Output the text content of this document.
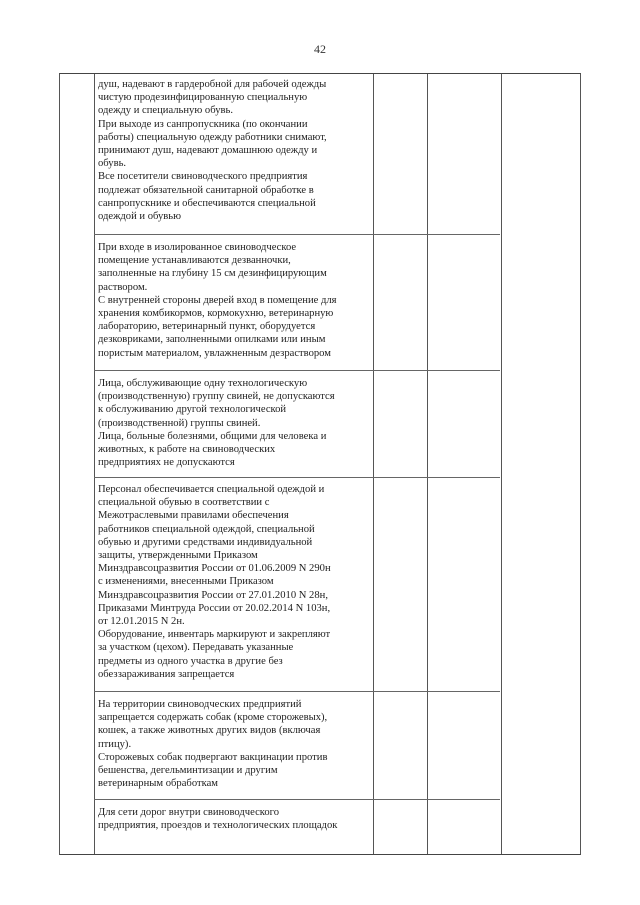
42
душ, надевают в гардеробной для рабочей одежды
чистую продезинфицированную специальную
одежду и специальную обувь.
При выходе из санпропускника (по окончании
работы) специальную одежду работники снимают,
принимают душ, надевают домашнюю одежду и
обувь.
Все посетители свиноводческого предприятия
подлежат обязательной санитарной обработке в
санпропускнике и обеспечиваются специальной
одеждой и обувью
При входе в изолированное свиноводческое
помещение устанавливаются дезванночки,
заполненные на глубину 15 см дезинфицирующим
раствором.
С внутренней стороны дверей вход в помещение для
хранения комбикормов, кормокухню, ветеринарную
лабораторию, ветеринарный пункт, оборудуется
дезковриками, заполненными опилками или иным
пористым материалом, увлажненным дезраствором
Лица, обслуживающие одну технологическую
(производственную) группу свиней, не допускаются
к обслуживанию другой технологической
(производственной) группы свиней.
Лица, больные болезнями, общими для человека и
животных, к работе на свиноводческих
предприятиях не допускаются
Персонал обеспечивается специальной одеждой и
специальной обувью в соответствии с
Межотраслевыми правилами обеспечения
работников специальной одеждой, специальной
обувью и другими средствами индивидуальной
защиты, утвержденными Приказом
Минздравсоцразвития России от 01.06.2009 N 290н
с изменениями, внесенными Приказом
Минздравсоцразвития России от 27.01.2010 N 28н,
Приказами Минтруда России от 20.02.2014 N 103н,
от 12.01.2015 N 2н.
Оборудование, инвентарь маркируют и закрепляют
за участком (цехом). Передавать указанные
предметы из одного участка в другие без
обеззараживания запрещается
На территории свиноводческих предприятий
запрещается содержать собак (кроме сторожевых),
кошек, а также животных других видов (включая
птицу).
Сторожевых собак подвергают вакцинации против
бешенства, дегельминтизации и другим
ветеринарным обработкам
Для сети дорог внутри свиноводческого
предприятия, проездов и технологических площадок
